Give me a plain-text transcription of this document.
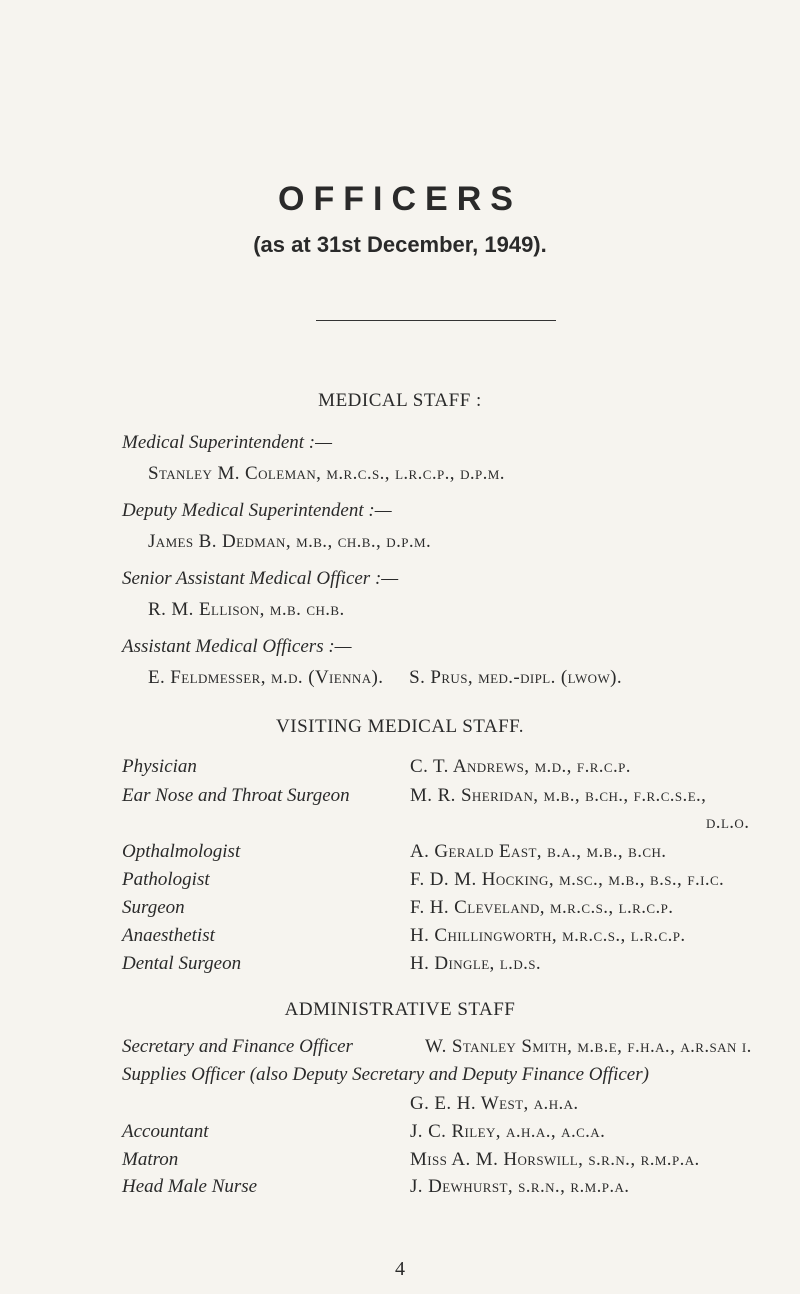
OFFICERS
(as at 31st December, 1949).
MEDICAL STAFF :
Medical Superintendent :—
Stanley M. Coleman, m.r.c.s., l.r.c.p., d.p.m.
Deputy Medical Superintendent :—
James B. Dedman, m.b., ch.b., d.p.m.
Senior Assistant Medical Officer :—
R. M. Ellison, m.b. ch.b.
Assistant Medical Officers :—
E. Feldmesser, m.d. (Vienna).     S. Prus, med.-dipl. (lwow).
VISITING MEDICAL STAFF.
Physician	C. T. Andrews, m.d., f.r.c.p.
Ear Nose and Throat Surgeon	M. R. Sheridan, m.b., b.ch., f.r.c.s.e.,
d.l.o.
Opthalmologist	A. Gerald East, b.a., m.b., b.ch.
Pathologist	F. D. M. Hocking, m.sc., m.b., b.s., f.i.c.
Surgeon	F. H. Cleveland, m.r.c.s., l.r.c.p.
Anaesthetist	H. Chillingworth, m.r.c.s., l.r.c.p.
Dental Surgeon	H. Dingle, l.d.s.
ADMINISTRATIVE STAFF
Secretary and Finance Officer	W. Stanley Smith, m.b.e, f.h.a., a.r.san i.
Supplies Officer (also Deputy Secretary and Deputy Finance Officer)
G. E. H. West, a.h.a.
Accountant	J. C. Riley, a.h.a., a.c.a.
Matron	Miss A. M. Horswill, s.r.n., r.m.p.a.
Head Male Nurse	J. Dewhurst, s.r.n., r.m.p.a.
4
